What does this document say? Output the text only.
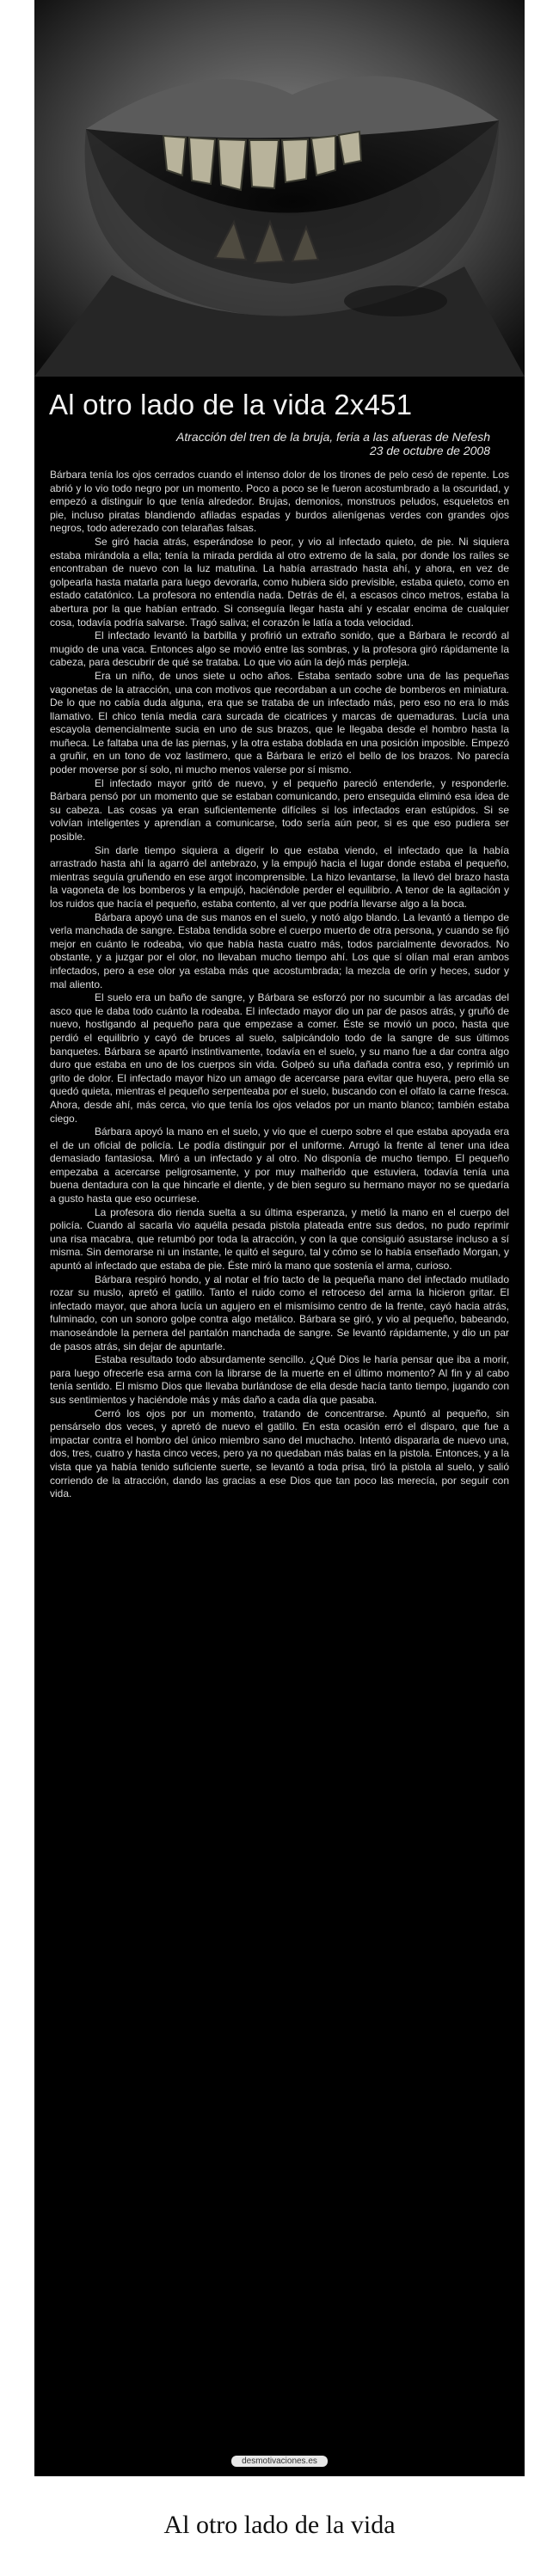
Al otro lado de la vida 2x451
Atracción del tren de la bruja, feria a las afueras de Nefesh
23 de octubre de 2008

Bárbara tenía los ojos cerrados cuando el intenso dolor de los tirones de pelo cesó de repente. Los abrió y lo vio todo negro por un momento. Poco a poco se le fueron acostumbrado a la oscuridad, y empezó a distinguir lo que tenía alrededor. Brujas, demonios, monstruos peludos, esqueletos en pie, incluso piratas blandiendo afiladas espadas y burdos alienígenas verdes con grandes ojos negros, todo aderezado con telarañas falsas.

Se giró hacia atrás, esperándose lo peor, y vio al infectado quieto, de pie. Ni siquiera estaba mirándola a ella; tenía la mirada perdida al otro extremo de la sala, por donde los raíles se encontraban de nuevo con la luz matutina. La había arrastrado hasta ahí, y ahora, en vez de golpearla hasta matarla para luego devorarla, como hubiera sido previsible, estaba quieto, como en estado catatónico. La profesora no entendía nada. Detrás de él, a escasos cinco metros, estaba la abertura por la que habían entrado. Si conseguía llegar hasta ahí y escalar encima de cualquier cosa, todavía podría salvarse. Tragó saliva; el corazón le latía a toda velocidad.

El infectado levantó la barbilla y profirió un extraño sonido, que a Bárbara le recordó al mugido de una vaca. Entonces algo se movió entre las sombras, y la profesora giró rápidamente la cabeza, para descubrir de qué se trataba. Lo que vio aún la dejó más perpleja.

Era un niño, de unos siete u ocho años. Estaba sentado sobre una de las pequeñas vagonetas de la atracción, una con motivos que recordaban a un coche de bomberos en miniatura. De lo que no cabía duda alguna, era que se trataba de un infectado más, pero eso no era lo más llamativo. El chico tenía media cara surcada de cicatrices y marcas de quemaduras. Lucía una escayola demencialmente sucia en uno de sus brazos, que le llegaba desde el hombro hasta la muñeca. Le faltaba una de las piernas, y la otra estaba doblada en una posición imposible. Empezó a gruñir, en un tono de voz lastimero, que a Bárbara le erizó el bello de los brazos. No parecía poder moverse por sí solo, ni mucho menos valerse por sí mismo.

El infectado mayor gritó de nuevo, y el pequeño pareció entenderle, y responderle. Bárbara pensó por un momento que se estaban comunicando, pero enseguida eliminó esa idea de su cabeza. Las cosas ya eran suficientemente difíciles si los infectados eran estúpidos. Si se volvían inteligentes y aprendían a comunicarse, todo sería aún peor, si es que eso pudiera ser posible.

Sin darle tiempo siquiera a digerir lo que estaba viendo, el infectado que la había arrastrado hasta ahí la agarró del antebrazo, y la empujó hacia el lugar donde estaba el pequeño, mientras seguía gruñendo en ese argot incomprensible. La hizo levantarse, la llevó del brazo hasta la vagoneta de los bomberos y la empujó, haciéndole perder el equilibrio. A tenor de la agitación y los ruidos que hacía el pequeño, estaba contento, al ver que podría llevarse algo a la boca.

Bárbara apoyó una de sus manos en el suelo, y notó algo blando. La levantó a tiempo de verla manchada de sangre. Estaba tendida sobre el cuerpo muerto de otra persona, y cuando se fijó mejor en cuánto le rodeaba, vio que había hasta cuatro más, todos parcialmente devorados. No obstante, y a juzgar por el olor, no llevaban mucho tiempo ahí. Los que sí olían mal eran ambos infectados, pero a ese olor ya estaba más que acostumbrada; la mezcla de orín y heces, sudor y mal aliento.

El suelo era un baño de sangre, y Bárbara se esforzó por no sucumbir a las arcadas del asco que le daba todo cuánto la rodeaba. El infectado mayor dio un par de pasos atrás, y gruñó de nuevo, hostigando al pequeño para que empezase a comer. Éste se movió un poco, hasta que perdió el equilibrio y cayó de bruces al suelo, salpicándolo todo de la sangre de sus últimos banquetes. Bárbara se apartó instintivamente, todavía en el suelo, y su mano fue a dar contra algo duro que estaba en uno de los cuerpos sin vida. Golpeó su uña dañada contra eso, y reprimió un grito de dolor. El infectado mayor hizo un amago de acercarse para evitar que huyera, pero ella se quedó quieta, mientras el pequeño serpenteaba por el suelo, buscando con el olfato la carne fresca. Ahora, desde ahí, más cerca, vio que tenía los ojos velados por un manto blanco; también estaba ciego.

Bárbara apoyó la mano en el suelo, y vio que el cuerpo sobre el que estaba apoyada era el de un oficial de policía. Le podía distinguir por el uniforme. Arrugó la frente al tener una idea demasiado fantasiosa. Miró a un infectado y al otro. No disponía de mucho tiempo. El pequeño empezaba a acercarse peligrosamente, y por muy malherido que estuviera, todavía tenía una buena dentadura con la que hincarle el diente, y de bien seguro su hermano mayor no se quedaría a gusto hasta que eso ocurriese.

La profesora dio rienda suelta a su última esperanza, y metió la mano en el cuerpo del policía. Cuando al sacarla vio aquélla pesada pistola plateada entre sus dedos, no pudo reprimir una risa macabra, que retumbó por toda la atracción, y con la que consiguió asustarse incluso a sí misma. Sin demorarse ni un instante, le quitó el seguro, tal y cómo se lo había enseñado Morgan, y apuntó al infectado que estaba de pie. Éste miró la mano que sostenía el arma, curioso.

Bárbara respiró hondo, y al notar el frío tacto de la pequeña mano del infectado mutilado rozar su muslo, apretó el gatillo. Tanto el ruido como el retroceso del arma la hicieron gritar. El infectado mayor, que ahora lucía un agujero en el mismísimo centro de la frente, cayó hacia atrás, fulminado, con un sonoro golpe contra algo metálico. Bárbara se giró, y vio al pequeño, babeando, manoseándole la pernera del pantalón manchada de sangre. Se levantó rápidamente, y dio un par de pasos atrás, sin dejar de apuntarle.

Estaba resultado todo absurdamente sencillo. ¿Qué Dios le haría pensar que iba a morir, para luego ofrecerle esa arma con la librarse de la muerte en el último momento? Al fin y al cabo tenía sentido. El mismo Dios que llevaba burlándose de ella desde hacía tanto tiempo, jugando con sus sentimientos y haciéndole más y más daño a cada día que pasaba.

Cerró los ojos por un momento, tratando de concentrarse. Apuntó al pequeño, sin pensárselo dos veces, y apretó de nuevo el gatillo. En esta ocasión erró el disparo, que fue a impactar contra el hombro del único miembro sano del muchacho. Intentó dispararla de nuevo una, dos, tres, cuatro y hasta cinco veces, pero ya no quedaban más balas en la pistola. Entonces, y a la vista que ya había tenido suficiente suerte, se levantó a toda prisa, tiró la pistola al suelo, y salió corriendo de la atracción, dando las gracias a ese Dios que tan poco las merecía, por seguir con vida.

desmotivaciones.es
Al otro lado de la vida
